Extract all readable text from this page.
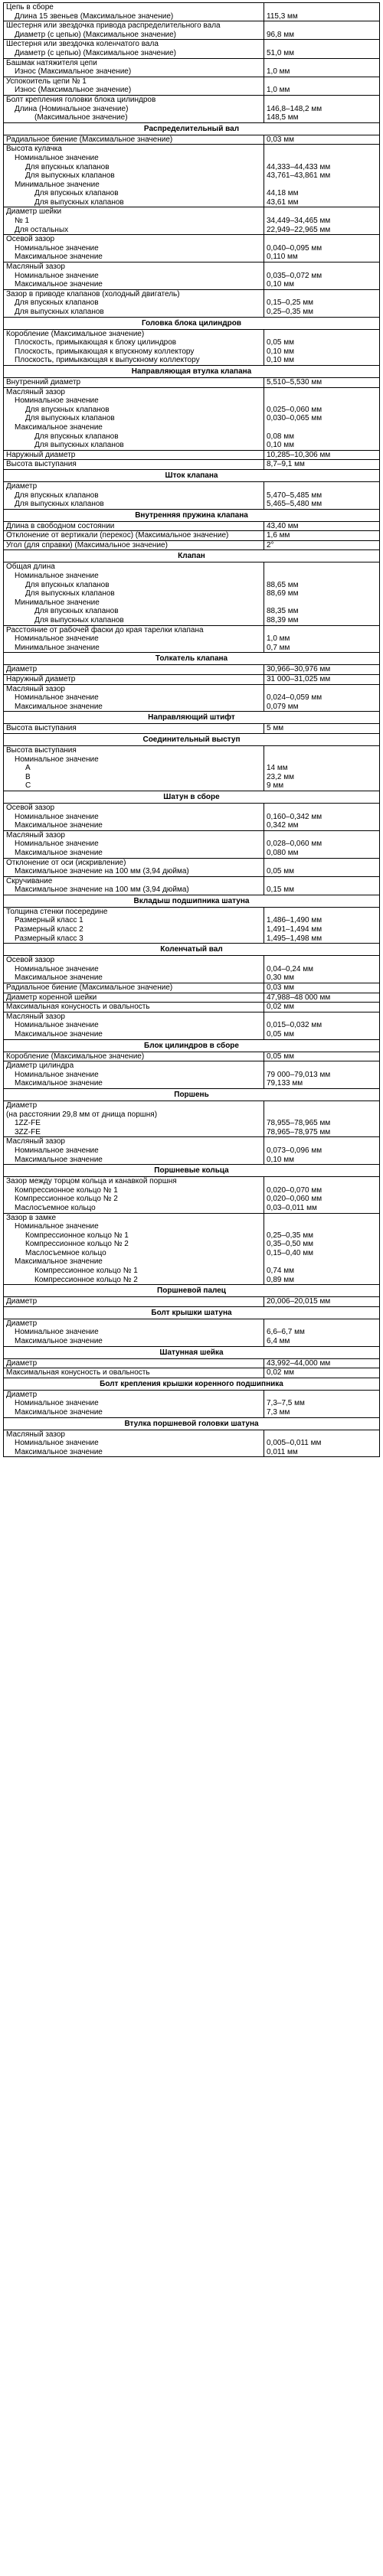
Цепь в сборе
Длина 15 звеньев (Максимальное значение)	115,3 мм
Шестерня или звездочка привода распределительного вала
Диаметр (с цепью) (Максимальное значение)	96,8 мм
Шестерня или звездочка коленчатого вала
Диаметр (с цепью) (Максимальное значение)	51,0 мм
Башмак натяжителя цепи
Износ (Максимальное значение)	1,0 мм
Успокоитель цепи № 1
Износ (Максимальное значение)	1,0 мм
Болт крепления головки блока цилиндров
Длина (Номинальное значение)	146,8–148,2 мм
(Максимальное значение)	148,5 мм
Распределительный вал
Радиальное биение (Максимальное значение)	0,03 мм
Высота кулачка
Номинальное значение
Для впускных клапанов	44,333–44,433 мм
Для выпускных клапанов	43,761–43,861 мм
Минимальное значение
Для впускных клапанов	44,18 мм
Для выпускных клапанов	43,61 мм
Диаметр шейки
№ 1	34,449–34,465 мм
Для остальных	22,949–22,965 мм
Осевой зазор
Номинальное значение	0,040–0,095 мм
Максимальное значение	0,110 мм
Масляный зазор
Номинальное значение	0,035–0,072 мм
Максимальное значение	0,10 мм
Зазор в приводе клапанов (холодный двигатель)
Для впускных клапанов	0,15–0,25 мм
Для выпускных клапанов	0,25–0,35 мм
Головка блока цилиндров
Коробление (Максимальное значение)
Плоскость, примыкающая к блоку цилиндров	0,05 мм
Плоскость, примыкающая к впускному коллектору	0,10 мм
Плоскость, примыкающая к выпускному коллектору	0,10 мм
Направляющая втулка клапана
Внутренний диаметр	5,510–5,530 мм
Масляный зазор
Номинальное значение
Для впускных клапанов	0,025–0,060 мм
Для выпускных клапанов	0,030–0,065 мм
Максимальное значение
Для впускных клапанов	0,08 мм
Для выпускных клапанов	0,10 мм
Наружный диаметр	10,285–10,306 мм
Высота выступания	8,7–9,1 мм
Шток клапана
Диаметр
Для впускных клапанов	5,470–5,485 мм
Для выпускных клапанов	5,465–5,480 мм
Внутренняя пружина клапана
Длина в свободном состоянии	43,40 мм
Отклонение от вертикали (перекос) (Максимальное значение)	1,6 мм
Угол (для справки) (Максимальное значение)	2°
Клапан
Общая длина
Номинальное значение
Для впускных клапанов	88,65 мм
Для выпускных клапанов	88,69 мм
Минимальное значение
Для впускных клапанов	88,35 мм
Для выпускных клапанов	88,39 мм
Расстояние от рабочей фаски до края тарелки клапана
Номинальное значение	1,0 мм
Минимальное значение	0,7 мм
Толкатель клапана
Диаметр	30,966–30,976 мм
Наружный диаметр	31 000–31,025 мм
Масляный зазор
Номинальное значение	0,024–0,059 мм
Максимальное значение	0,079 мм
Направляющий штифт
Высота выступания	5 мм
Соединительный выступ
Высота выступания
Номинальное значение
A	14 мм
B	23,2 мм
C	9 мм
Шатун в сборе
Осевой зазор
Номинальное значение	0,160–0,342 мм
Максимальное значение	0,342 мм
Масляный зазор
Номинальное значение	0,028–0,060 мм
Максимальное значение	0,080 мм
Отклонение от оси (искривление)
Максимальное значение на 100 мм (3,94 дюйма)	0,05 мм
Скручивание
Максимальное значение на 100 мм (3,94 дюйма)	0,15 мм
Вкладыш подшипника шатуна
Толщина стенки посередине
Размерный класс 1	1,486–1,490 мм
Размерный класс 2	1,491–1,494 мм
Размерный класс 3	1,495–1,498 мм
Коленчатый вал
Осевой зазор
Номинальное значение	0,04–0,24 мм
Максимальное значение	0,30 мм
Радиальное биение (Максимальное значение)	0,03 мм
Диаметр коренной шейки	47,988–48 000 мм
Максимальная конусность и овальность	0,02 мм
Масляный зазор
Номинальное значение	0,015–0,032 мм
Максимальное значение	0,05 мм
Блок цилиндров в сборе
Коробление (Максимальное значение)	0,05 мм
Диаметр цилиндра
Номинальное значение	79 000–79,013 мм
Максимальное значение	79,133 мм
Поршень
Диаметр
(на расстоянии 29,8 мм от днища поршня)
1ZZ-FE	78,955–78,965 мм
3ZZ-FE	78,965–78,975 мм
Масляный зазор
Номинальное значение	0,073–0,096 мм
Максимальное значение	0,10 мм
Поршневые кольца
Зазор между торцом кольца и канавкой поршня
Компрессионное кольцо № 1	0,020–0,070 мм
Компрессионное кольцо № 2	0,020–0,060 мм
Маслосъемное кольцо	0,03–0,011 мм
Зазор в замке
Номинальное значение
Компрессионное кольцо № 1	0,25–0,35 мм
Компрессионное кольцо № 2	0,35–0,50 мм
Маслосъемное кольцо	0,15–0,40 мм
Максимальное значение
Компрессионное кольцо № 1	0,74 мм
Компрессионное кольцо № 2	0,89 мм
Поршневой палец
Диаметр	20,006–20,015 мм
Болт крышки шатуна
Диаметр
Номинальное значение	6,6–6,7 мм
Максимальное значение	6,4 мм
Шатунная шейка
Диаметр	43,992–44,000 мм
Максимальная конусность и овальность	0,02 мм
Болт крепления крышки коренного подшипника
Диаметр
Номинальное значение	7,3–7,5 мм
Максимальное значение	7,3 мм
Втулка поршневой головки шатуна
Масляный зазор
Номинальное значение	0,005–0,011 мм
Максимальное значение	0,011 мм
